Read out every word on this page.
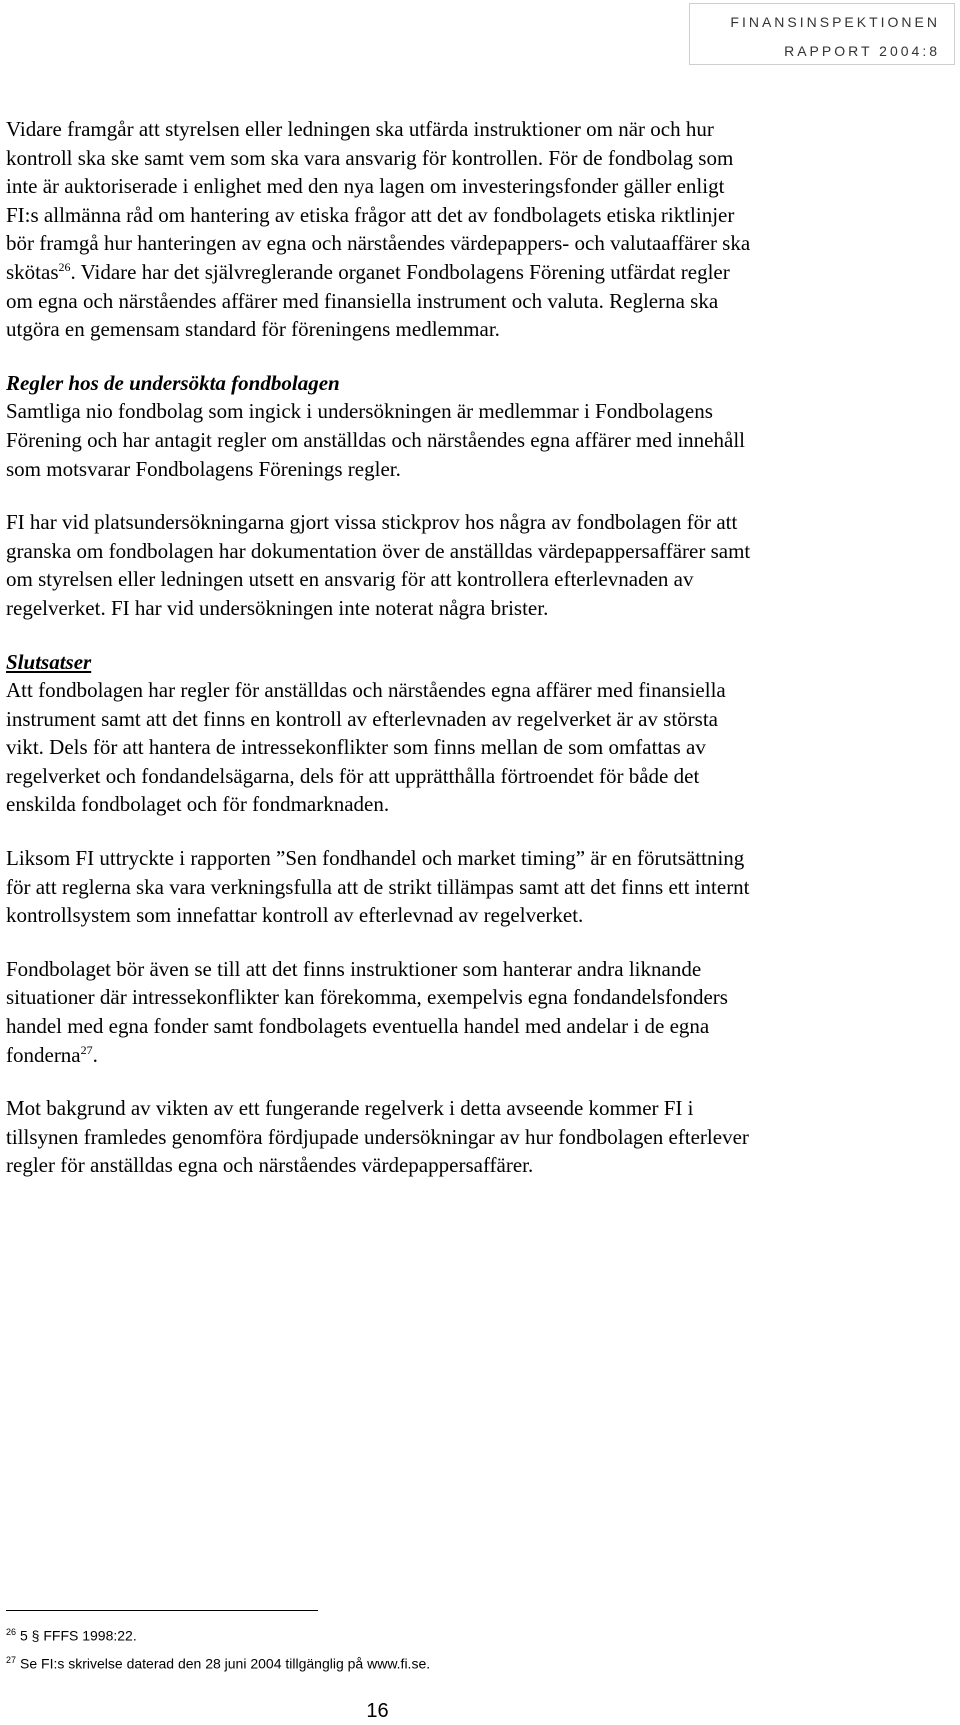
FINANSINSPEKTIONEN
RAPPORT 2004:8

Vidare framgår att styrelsen eller ledningen ska utfärda instruktioner om när och hur kontroll ska ske samt vem som ska vara ansvarig för kontrollen. För de fondbolag som inte är auktoriserade i enlighet med den nya lagen om investeringsfonder gäller enligt FI:s allmänna råd om hantering av etiska frågor att det av fondbolagets etiska riktlinjer bör framgå hur hanteringen av egna och närståendes värdepappers- och valutaaffärer ska skötas$^{26}$. Vidare har det självreglerande organet Fondbolagens Förening utfärdat regler om egna och närståendes affärer med finansiella instrument och valuta. Reglerna ska utgöra en gemensam standard för föreningens medlemmar.

Regler hos de undersökta fondbolagen
Samtliga nio fondbolag som ingick i undersökningen är medlemmar i Fondbolagens Förening och har antagit regler om anställdas och närståendes egna affärer med innehåll som motsvarar Fondbolagens Förenings regler.

FI har vid platsundersökningarna gjort vissa stickprov hos några av fondbolagen för att granska om fondbolagen har dokumentation över de anställdas värdepappersaffärer samt om styrelsen eller ledningen utsett en ansvarig för att kontrollera efterlevnaden av regelverket. FI har vid undersökningen inte noterat några brister.

Slutsatser
Att fondbolagen har regler för anställdas och närståendes egna affärer med finansiella instrument samt att det finns en kontroll av efterlevnaden av regelverket är av största vikt. Dels för att hantera de intressekonflikter som finns mellan de som omfattas av regelverket och fondandelsägarna, dels för att upprätthålla förtroendet för både det enskilda fondbolaget och för fondmarknaden.

Liksom FI uttryckte i rapporten ”Sen fondhandel och market timing” är en förutsättning för att reglerna ska vara verkningsfulla att de strikt tillämpas samt att det finns ett internt kontrollsystem som innefattar kontroll av efterlevnad av regelverket.

Fondbolaget bör även se till att det finns instruktioner som hanterar andra liknande situationer där intressekonflikter kan förekomma, exempelvis egna fondandelsfonders handel med egna fonder samt fondbolagets eventuella handel med andelar i de egna fonderna$^{27}$.

Mot bakgrund av vikten av ett fungerande regelverk i detta avseende kommer FI i tillsynen framledes genomföra fördjupade undersökningar av hur fondbolagen efterlever regler för anställdas egna och närståendes värdepappersaffärer.

26 5 § FFFS 1998:22.
27 Se FI:s skrivelse daterad den 28 juni 2004 tillgänglig på www.fi.se.
16
